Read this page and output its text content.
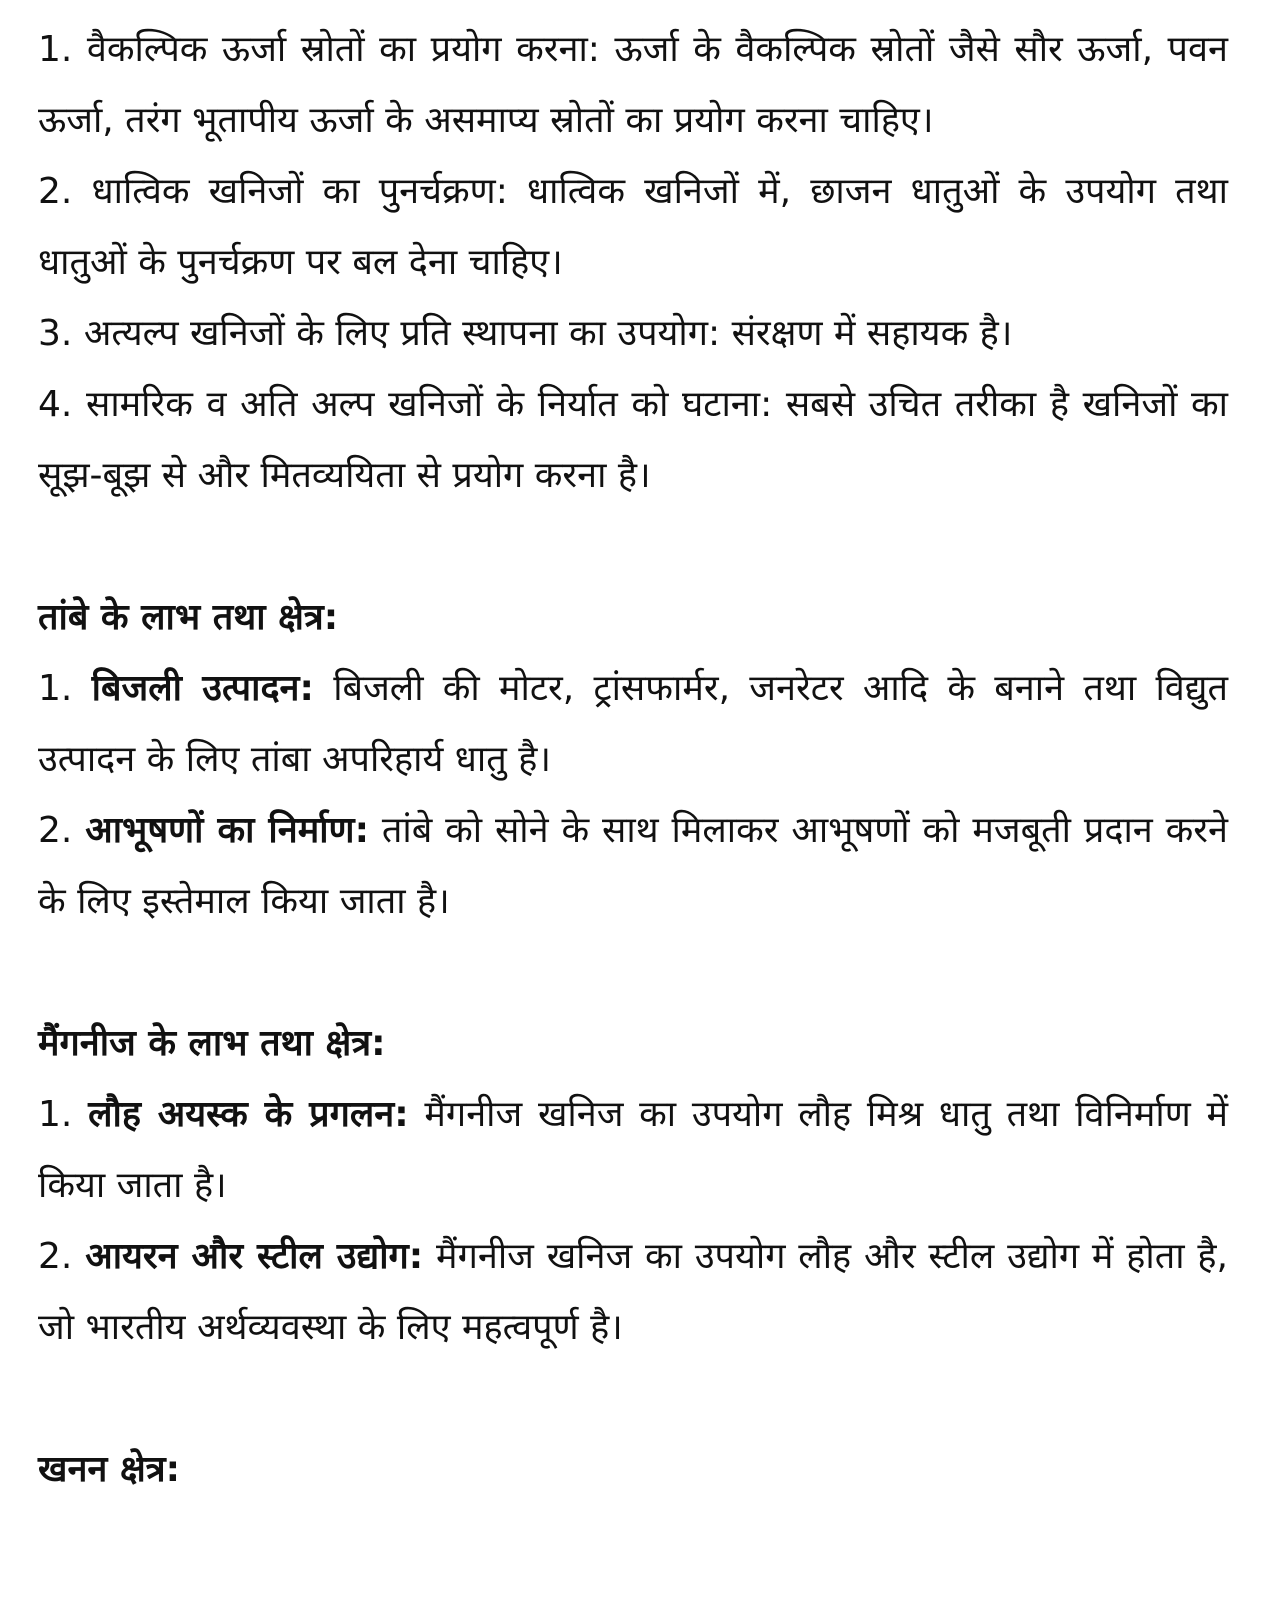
1. वैकल्पिक ऊर्जा स्रोतों का प्रयोग करना: ऊर्जा के वैकल्पिक स्रोतों जैसे सौर ऊर्जा, पवन ऊर्जा, तरंग भूतापीय ऊर्जा के असमाप्य स्रोतों का प्रयोग करना चाहिए।

2. धात्विक खनिजों का पुनर्चक्रण: धात्विक खनिजों में, छाजन धातुओं के उपयोग तथा धातुओं के पुनर्चक्रण पर बल देना चाहिए।

3. अत्यल्प खनिजों के लिए प्रति स्थापना का उपयोग: संरक्षण में सहायक है।

4. सामरिक व अति अल्प खनिजों के निर्यात को घटाना: सबसे उचित तरीका है खनिजों का सूझ-बूझ से और मितव्ययिता से प्रयोग करना है।

तांबे के लाभ तथा क्षेत्र:

1. बिजली उत्पादन: बिजली की मोटर, ट्रांसफार्मर, जनरेटर आदि के बनाने तथा विद्युत उत्पादन के लिए तांबा अपरिहार्य धातु है।

2. आभूषणों का निर्माण: तांबे को सोने के साथ मिलाकर आभूषणों को मजबूती प्रदान करने के लिए इस्तेमाल किया जाता है।

मैंगनीज के लाभ तथा क्षेत्र:

1. लौह अयस्क के प्रगलन: मैंगनीज खनिज का उपयोग लौह मिश्र धातु तथा विनिर्माण में किया जाता है।

2. आयरन और स्टील उद्योग: मैंगनीज खनिज का उपयोग लौह और स्टील उद्योग में होता है, जो भारतीय अर्थव्यवस्था के लिए महत्वपूर्ण है।

खनन क्षेत्र:
